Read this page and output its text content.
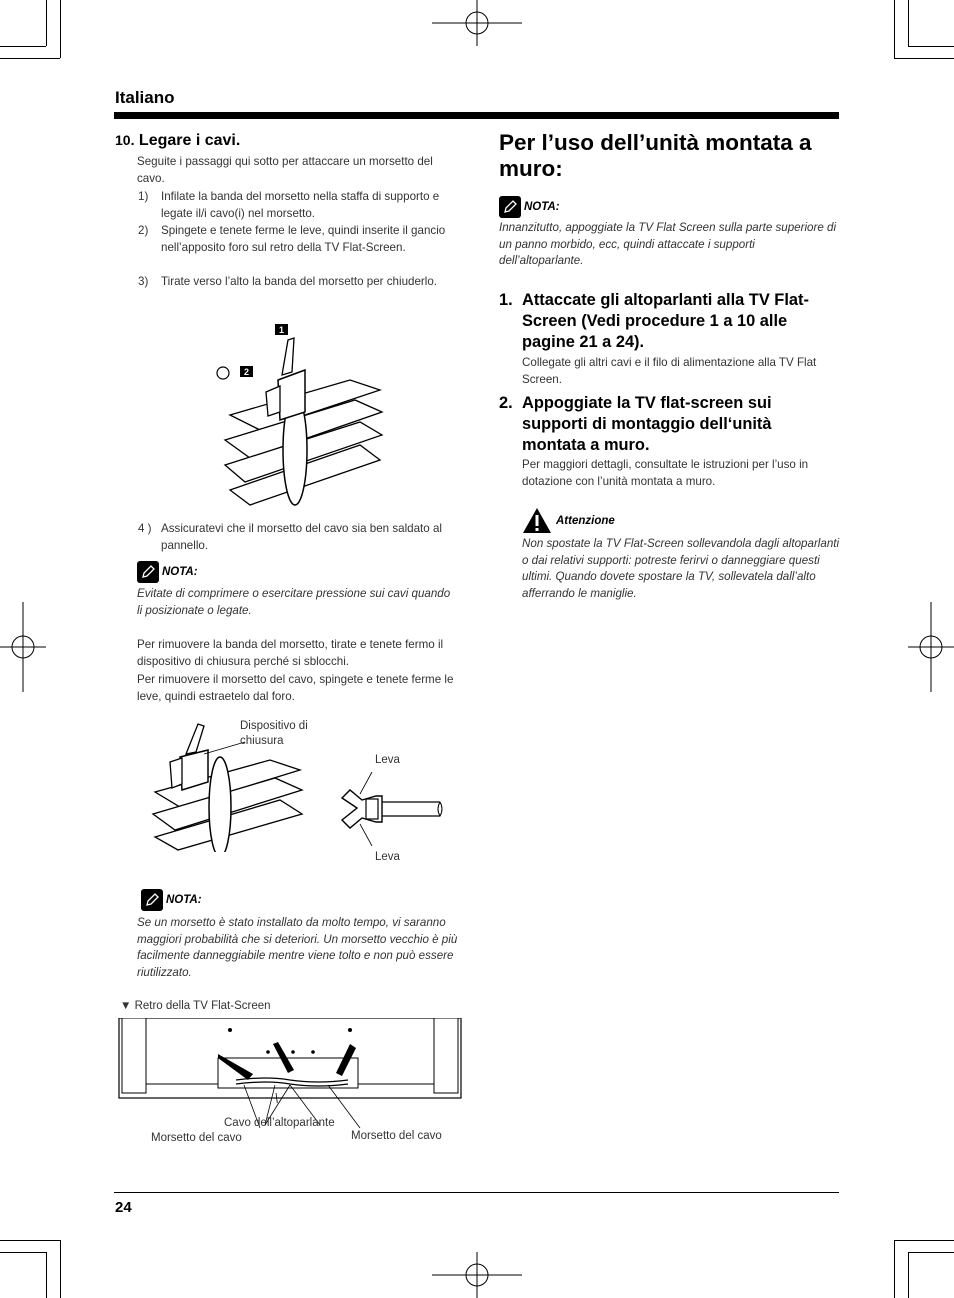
Italiano
10. Legare i cavi.
Seguite i passaggi qui sotto per attaccare un morsetto del cavo.
1) Infilate la banda del morsetto nella staffa di supporto e legate il/i cavo(i) nel morsetto.
2) Spingete e tenete ferme le leve, quindi inserite il gancio nell’apposito foro sul retro della TV Flat-Screen.
3) Tirate verso l’alto la banda del morsetto per chiuderlo.
1
2
4 ) Assicuratevi che il morsetto del cavo sia ben saldato al pannello.
NOTA:
Evitate di comprimere o esercitare pressione sui cavi quando li posizionate o legate.
Per rimuovere la banda del morsetto, tirate e tenete fermo il dispositivo di chiusura perché si sblocchi.
Per rimuovere il morsetto del cavo, spingete e tenete ferme le leve, quindi estraetelo dal foro.
Dispositivo di chiusura
Leva
Leva
NOTA:
Se un morsetto è stato installato da molto tempo, vi saranno maggiori probabilità che si deteriori. Un morsetto vecchio è più facilmente danneggiabile mentre viene tolto e non può essere riutilizzato.
▼ Retro della TV Flat-Screen
Cavo dell’altoparlante
Morsetto del cavo	Morsetto del cavo
Per l’uso dell’unità montata a muro:
NOTA:
Innanzitutto, appoggiate la TV Flat Screen sulla parte superiore di un panno morbido, ecc, quindi attaccate i supporti dell’altoparlante.
1. Attaccate gli altoparlanti alla TV Flat-Screen (Vedi procedure 1 a 10 alle pagine 21 a 24).
Collegate gli altri cavi e il filo di alimentazione alla TV Flat Screen.
2. Appoggiate la TV flat-screen sui supporti di montaggio dell‘unità montata a muro.
Per maggiori dettagli, consultate le istruzioni per l’uso in dotazione con l’unità montata a muro.
Attenzione
Non spostate la TV Flat-Screen sollevandola dagli altoparlanti o dai relativi supporti: potreste ferirvi o danneggiare questi ultimi. Quando dovete spostare la TV, sollevatela dall’alto afferrando le maniglie.
24
